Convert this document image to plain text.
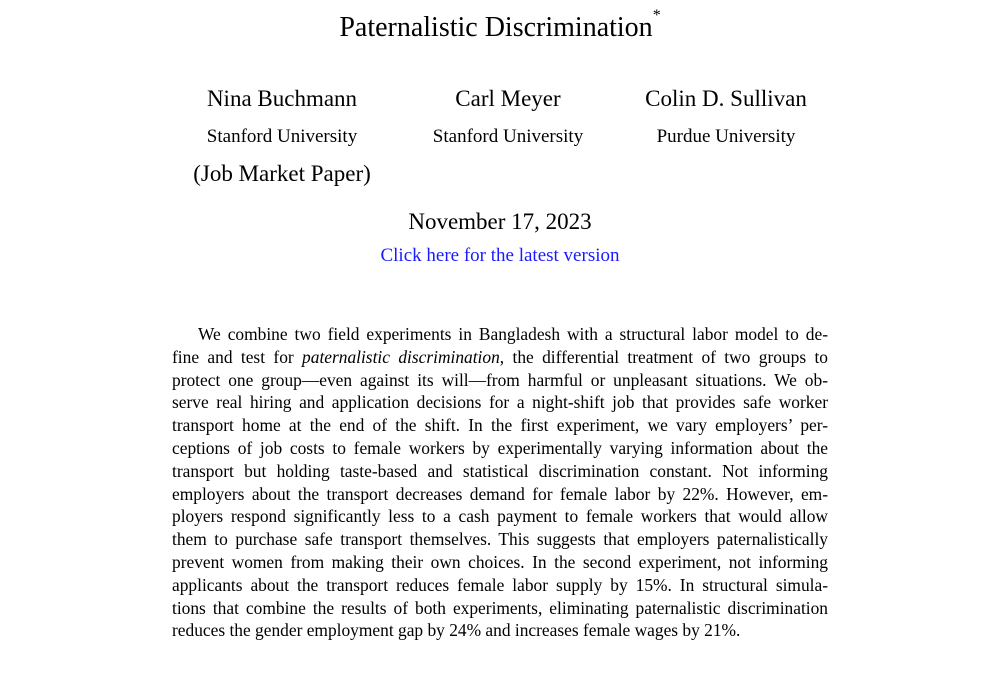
Paternalistic Discrimination*
Nina Buchmann
Stanford University
(Job Market Paper)
Carl Meyer
Stanford University
Colin D. Sullivan
Purdue University
November 17, 2023
Click here for the latest version
We combine two field experiments in Bangladesh with a structural labor model to de-
fine and test for paternalistic discrimination, the differential treatment of two groups to
protect one group—even against its will—from harmful or unpleasant situations. We ob-
serve real hiring and application decisions for a night-shift job that provides safe worker
transport home at the end of the shift. In the first experiment, we vary employers’ per-
ceptions of job costs to female workers by experimentally varying information about the
transport but holding taste-based and statistical discrimination constant. Not informing
employers about the transport decreases demand for female labor by 22%. However, em-
ployers respond significantly less to a cash payment to female workers that would allow
them to purchase safe transport themselves. This suggests that employers paternalistically
prevent women from making their own choices. In the second experiment, not informing
applicants about the transport reduces female labor supply by 15%. In structural simula-
tions that combine the results of both experiments, eliminating paternalistic discrimination
reduces the gender employment gap by 24% and increases female wages by 21%.
